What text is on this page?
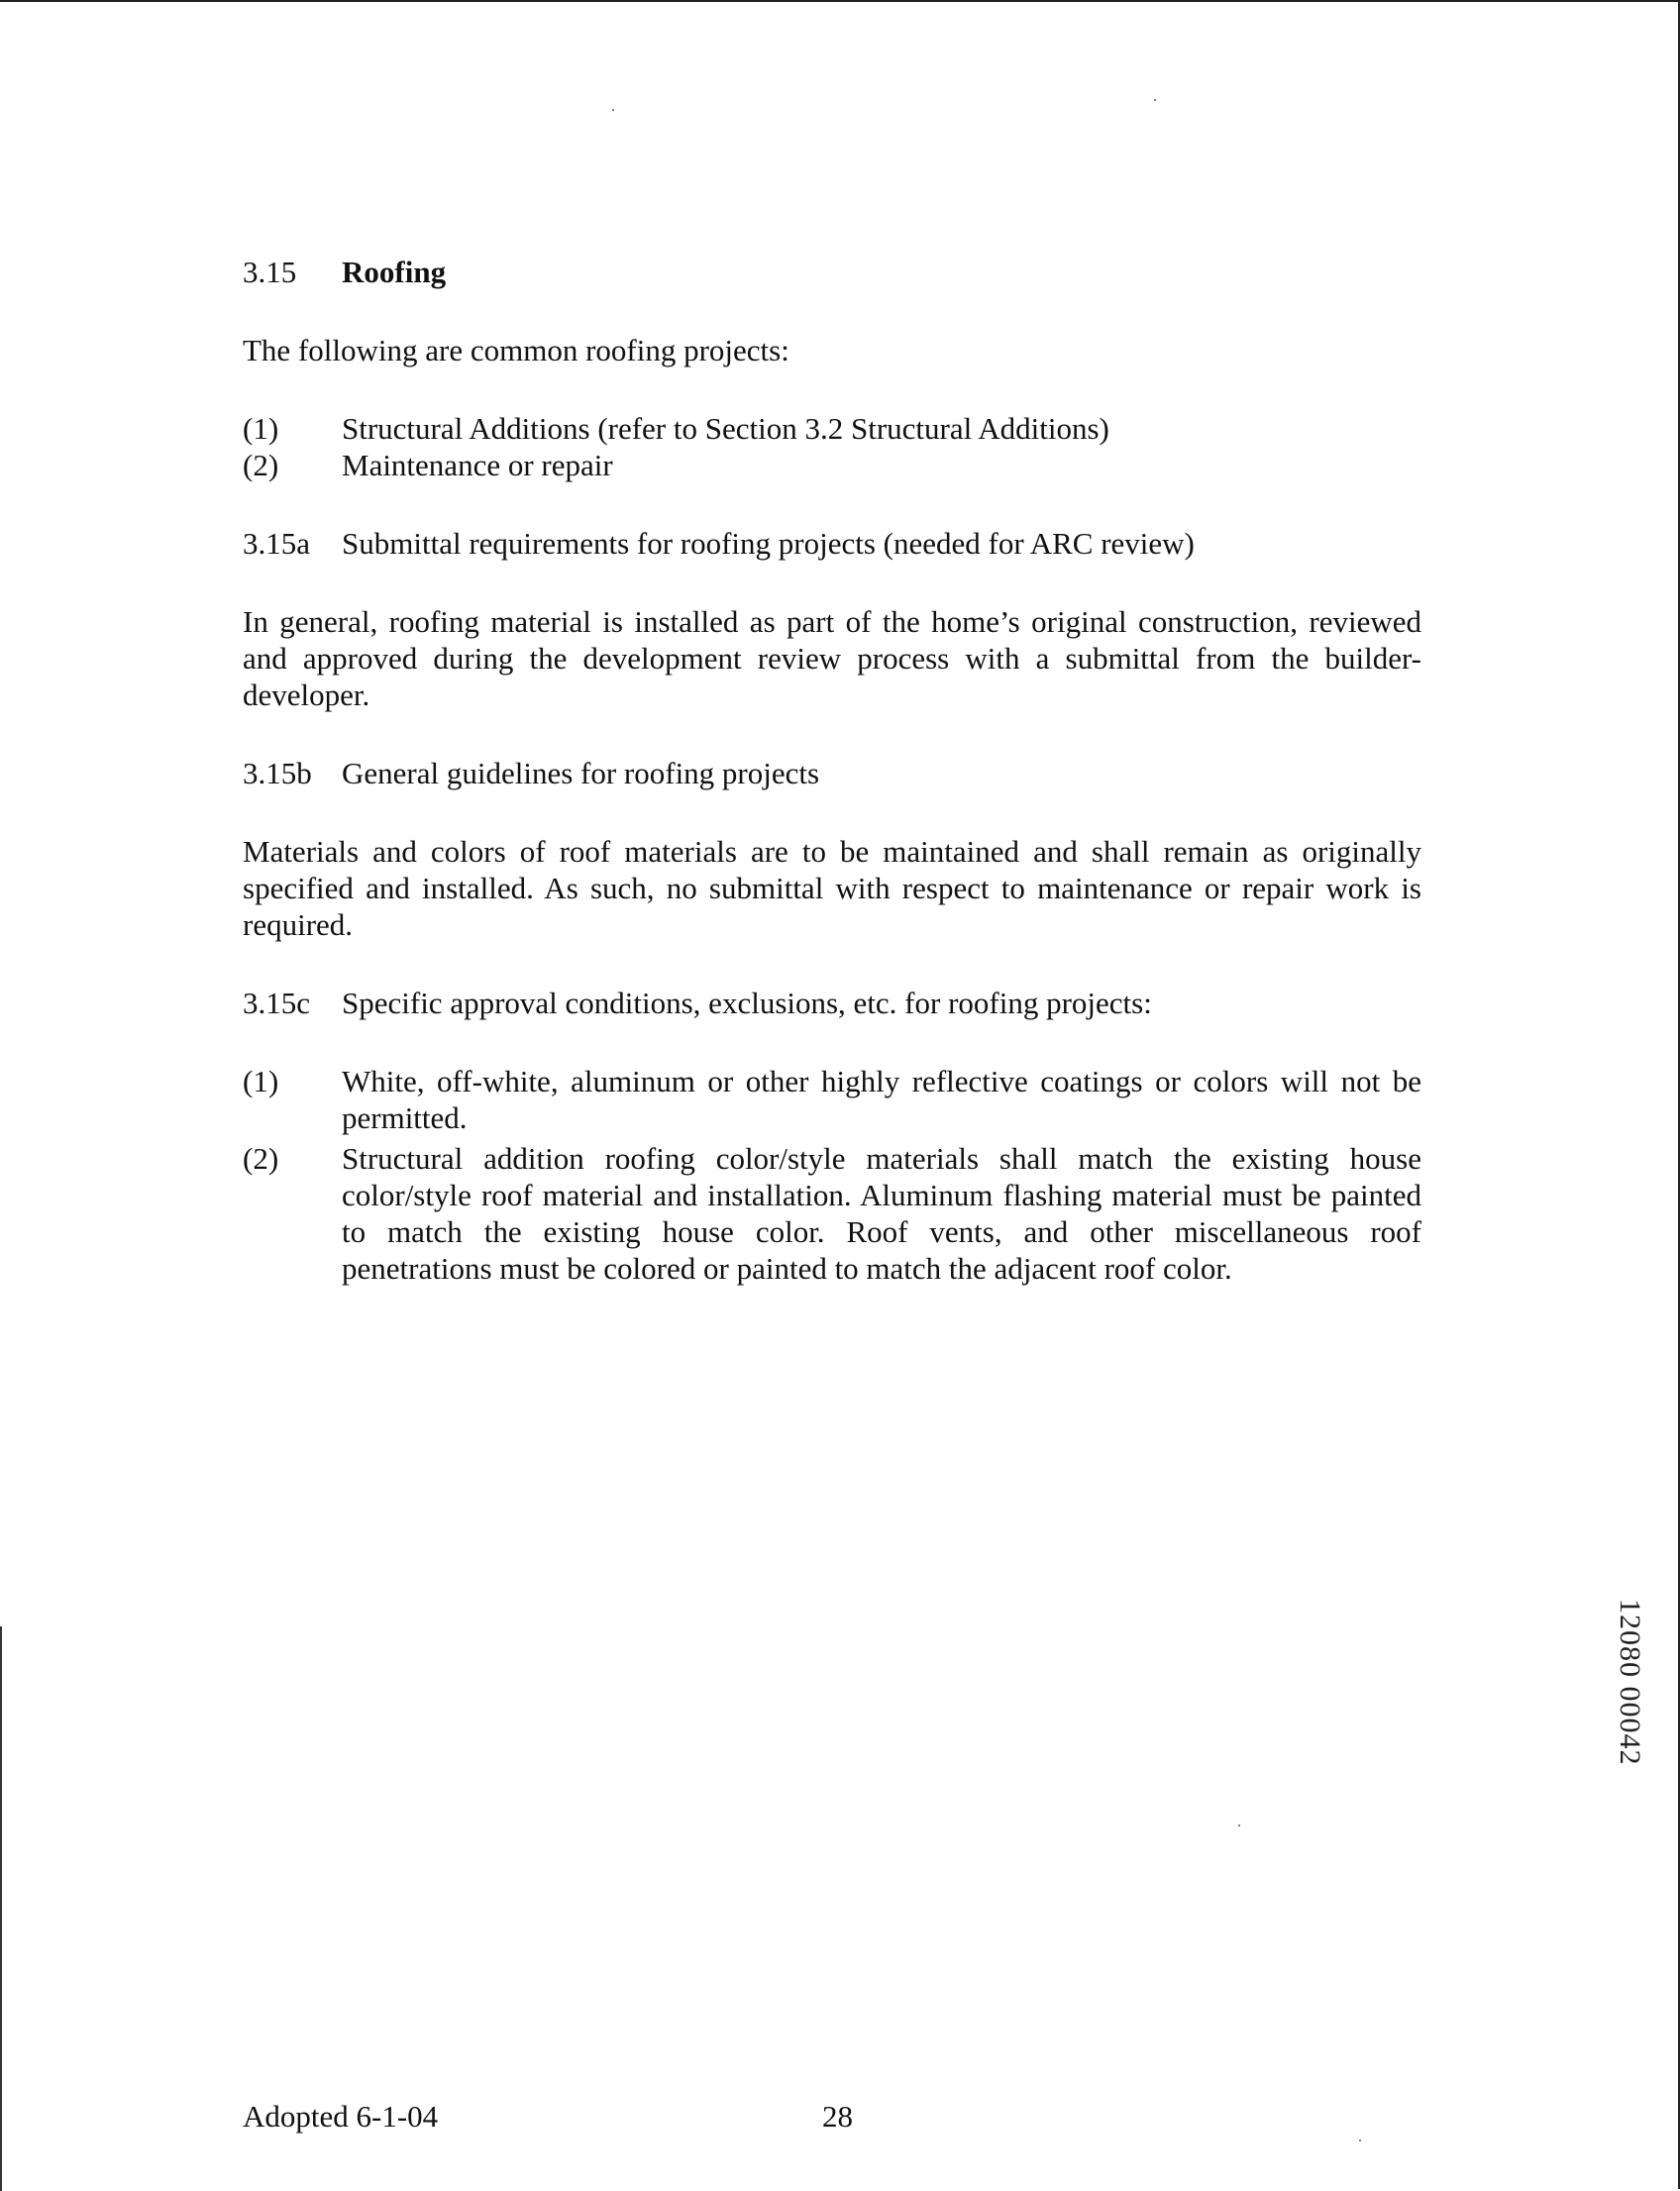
3.15	Roofing

The following are common roofing projects:

(1)	Structural Additions (refer to Section 3.2 Structural Additions)
(2)	Maintenance or repair
3.15a	Submittal requirements for roofing projects (needed for ARC review)

In general, roofing material is installed as part of the home’s original construction, reviewed and approved during the development review process with a submittal from the builder-developer.

3.15b General guidelines for roofing projects

Materials and colors of roof materials are to be maintained and shall remain as originally specified and installed. As such, no submittal with respect to maintenance or repair work is required.

3.15c	Specific approval conditions, exclusions, etc. for roofing projects:
(1)	White, off-white, aluminum or other highly reflective coatings or colors will not be permitted.
(2)	Structural addition roofing color/style materials shall match the existing house color/style roof material and installation. Aluminum flashing material must be painted to match the existing house color. Roof vents, and other miscellaneous roof penetrations must be colored or painted to match the adjacent roof color.
Adopted 6-1-04	28
12080 00042
